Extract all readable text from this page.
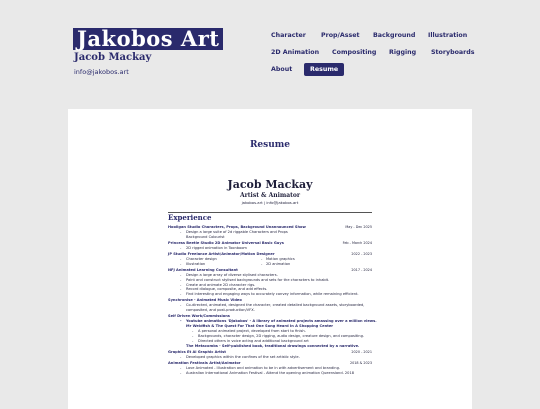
Jakobos Art
Jacob Mackay
info@jakobos.art
Character Prop/Asset Background Illustration
2D Animation Compositing Rigging Storyboards
About	Resume
Resume
Jacob Mackay
Artist & Animator
jakobos.art | info@jakobos.art
Experience
Hooligan Studio Characters, Props, Background Unannounced Show	May - Dec 2025
- Design a large suite of 2d riggable Characters and Props
Background Colourist
Princess Beetle Studio 2D Animator Universal Basic Guys	Feb - March 2024
- 2D rigged animation in Toonboom
JP Studio Freelance Artist/Animator/Motion Designer	2022 - 2023
- Character design	- Motion graphics
- Illustration	- 2D animation
NFJ Animated Learning Consultant	2017 - 2024
- Design a large array of diverse stylised characters.
- Paint and construct stylised backgrounds and sets for the characters to inhabit.
- Create and animate 2D character rigs.
- Record dialogue, composite, and add effects.
- Find interesting and engaging ways to accurately convey information, while remaining efficient.
Synchronise - Animated Music Video
- Co-directed, animated, designed the character, created detailed background assets, storyboarded,
composited, and post-production/VFX.
Self Driven Work/Commissions
- Youtube animations 'Djakobos' - A library of animated projects amassing over a million views.
Mr Weldfish & The Quest For That One Song Heard In A Shopping Center
- A personal animated project, developed from start to finish.
- Backgrounds, character design, 2D rigging, audio design, creature design, and compositing.
- Directed others in voice acting and additional background art
The Metacombs - Self-published book, traditional drawings connected by a narrative.
Graphics Et Al Graphic Artist	2020 - 2021
- Developed graphics within the confines of the set artistic style.
Animation Festivals Artist/Animator	2018 & 2023
- Love Animated - Illustration and animation to be in with advertisement and branding.
- Australian International Animation Festival - Attend the opening animation Queensland. 2018
